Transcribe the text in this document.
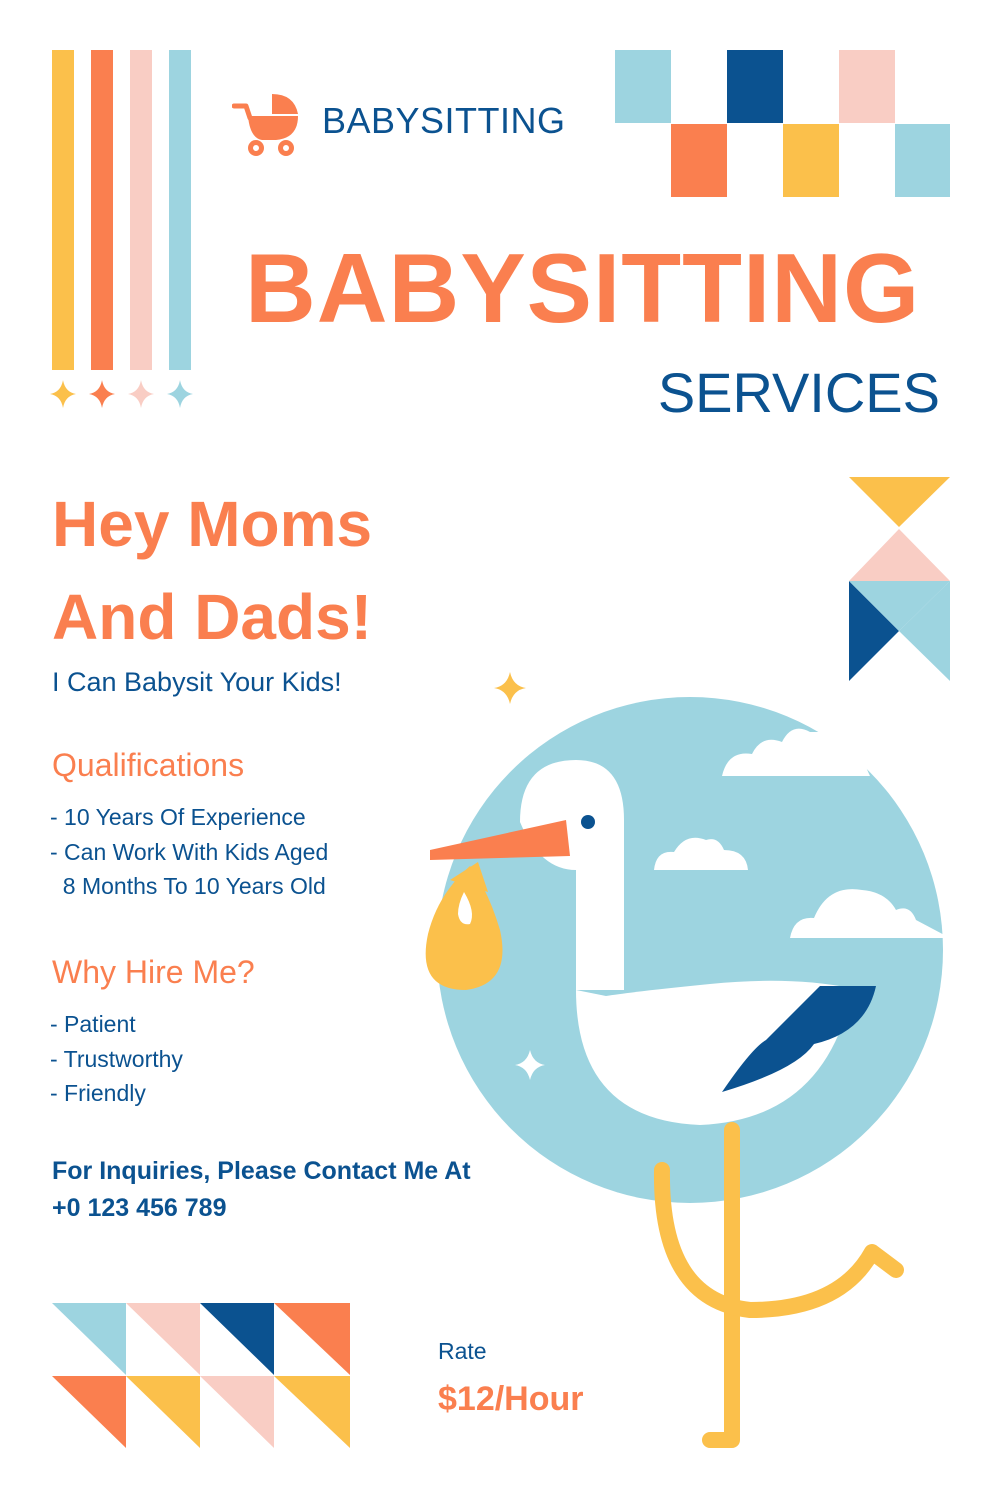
BABYSITTING
BABYSITTING
SERVICES
Hey Moms
And Dads!
I Can Babysit Your Kids!
Qualifications
- 10 Years Of Experience
- Can Work With Kids Aged
8 Months To 10 Years Old
Why Hire Me?
- Patient
- Trustworthy
- Friendly
For Inquiries, Please Contact Me At
+0 123 456 789
Rate
$12/Hour
